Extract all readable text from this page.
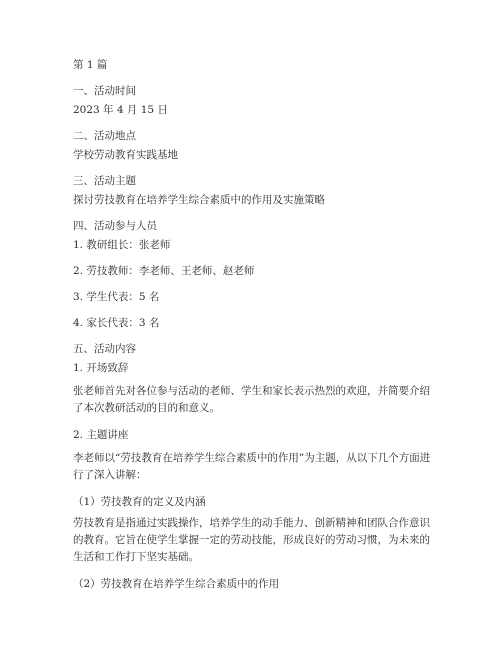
第 1 篇
一、活动时间
2023 年 4 月 15 日
二、活动地点
学校劳动教育实践基地
三、活动主题
探讨劳技教育在培养学生综合素质中的作用及实施策略
四、活动参与人员
1. 教研组长：张老师
2. 劳技教师：李老师、王老师、赵老师
3. 学生代表：5 名
4. 家长代表：3 名
五、活动内容
1. 开场致辞
张老师首先对各位参与活动的老师、学生和家长表示热烈的欢迎，并简要介绍了本次教研活动的目的和意义。
2. 主题讲座
李老师以“劳技教育在培养学生综合素质中的作用”为主题，从以下几个方面进行了深入讲解：
（1）劳技教育的定义及内涵
劳技教育是指通过实践操作，培养学生的动手能力、创新精神和团队合作意识的教育。它旨在使学生掌握一定的劳动技能，形成良好的劳动习惯，为未来的生活和工作打下坚实基础。
（2）劳技教育在培养学生综合素质中的作用
